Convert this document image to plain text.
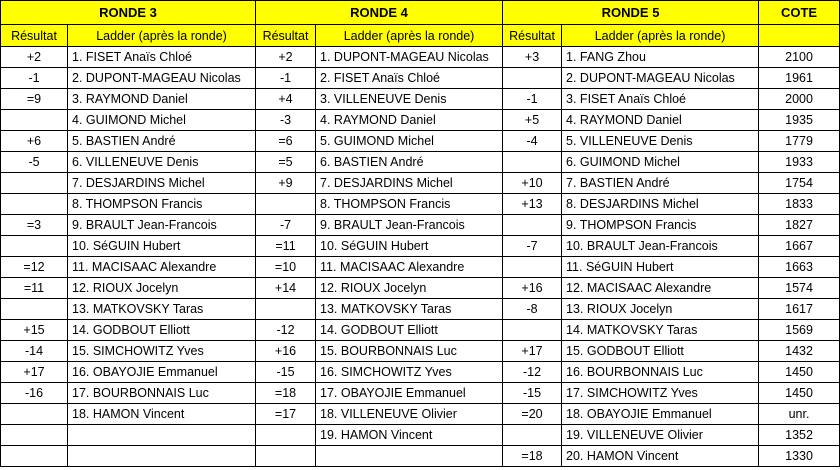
RONDE 3		RONDE 4		RONDE 5		COTE
Résultat	Ladder (après la ronde)	Résultat	Ladder (après la ronde)	Résultat	Ladder (après la ronde)	
+2	1. FISET Anaïs Chloé	+2	1. DUPONT-MAGEAU Nicolas	+3	1. FANG Zhou	2100
-1	2. DUPONT-MAGEAU Nicolas	-1	2. FISET Anaïs Chloé		2. DUPONT-MAGEAU Nicolas	1961
=9	3. RAYMOND Daniel	+4	3. VILLENEUVE Denis	-1	3. FISET Anaïs Chloé	2000
	4. GUIMOND Michel	-3	4. RAYMOND Daniel	+5	4. RAYMOND Daniel	1935
+6	5. BASTIEN André	=6	5. GUIMOND Michel	-4	5. VILLENEUVE Denis	1779
-5	6. VILLENEUVE Denis	=5	6. BASTIEN André		6. GUIMOND Michel	1933
	7. DESJARDINS Michel	+9	7. DESJARDINS Michel	+10	7. BASTIEN André	1754
	8. THOMPSON Francis		8. THOMPSON Francis	+13	8. DESJARDINS Michel	1833
=3	9. BRAULT Jean-Francois	-7	9. BRAULT Jean-Francois		9. THOMPSON Francis	1827
	10. SéGUIN Hubert	=11	10. SéGUIN Hubert	-7	10. BRAULT Jean-Francois	1667
=12	11. MACISAAC Alexandre	=10	11. MACISAAC Alexandre		11. SéGUIN Hubert	1663
=11	12. RIOUX Jocelyn	+14	12. RIOUX Jocelyn	+16	12. MACISAAC Alexandre	1574
	13. MATKOVSKY Taras		13. MATKOVSKY Taras	-8	13. RIOUX Jocelyn	1617
+15	14. GODBOUT Elliott	-12	14. GODBOUT Elliott		14. MATKOVSKY Taras	1569
-14	15. SIMCHOWITZ Yves	+16	15. BOURBONNAIS Luc	+17	15. GODBOUT Elliott	1432
+17	16. OBAYOJIE Emmanuel	-15	16. SIMCHOWITZ Yves	-12	16. BOURBONNAIS Luc	1450
-16	17. BOURBONNAIS Luc	=18	17. OBAYOJIE Emmanuel	-15	17. SIMCHOWITZ Yves	1450
	18. HAMON Vincent	=17	18. VILLENEUVE Olivier	=20	18. OBAYOJIE Emmanuel	unr.
			19. HAMON Vincent		19. VILLENEUVE Olivier	1352
				=18	20. HAMON Vincent	1330
